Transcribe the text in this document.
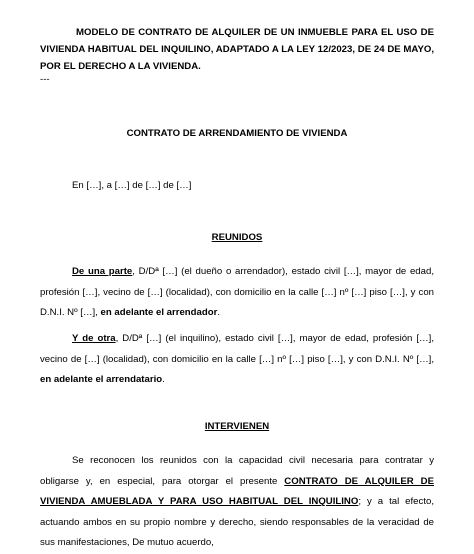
MODELO DE CONTRATO DE ALQUILER DE UN INMUEBLE PARA EL USO DE VIVIENDA HABITUAL DEL INQUILINO, ADAPTADO A LA LEY 12/2023, DE 24 DE MAYO, POR EL DERECHO A LA VIVIENDA.
---
CONTRATO DE ARRENDAMIENTO DE VIVIENDA
En […], a […] de […] de […]
REUNIDOS
De una parte, D/Dª […] (el dueño o arrendador), estado civil […], mayor de edad, profesión […], vecino de […] (localidad), con domicilio en la calle […] nº […] piso […], y con D.N.I. Nº […], en adelante el arrendador.
Y de otra, D/Dª […] (el inquilino), estado civil […], mayor de edad, profesión […], vecino de […] (localidad), con domicilio en la calle […] nº […] piso […], y con D.N.I. Nº […], en adelante el arrendatario.
INTERVIENEN
Se reconocen los reunidos con la capacidad civil necesaria para contratar y obligarse y, en especial, para otorgar el presente CONTRATO DE ALQUILER DE VIVIENDA AMUEBLADA Y PARA USO HABITUAL DEL INQUILINO; y a tal efecto, actuando ambos en su propio nombre y derecho, siendo responsables de la veracidad de sus manifestaciones, De mutuo acuerdo,
